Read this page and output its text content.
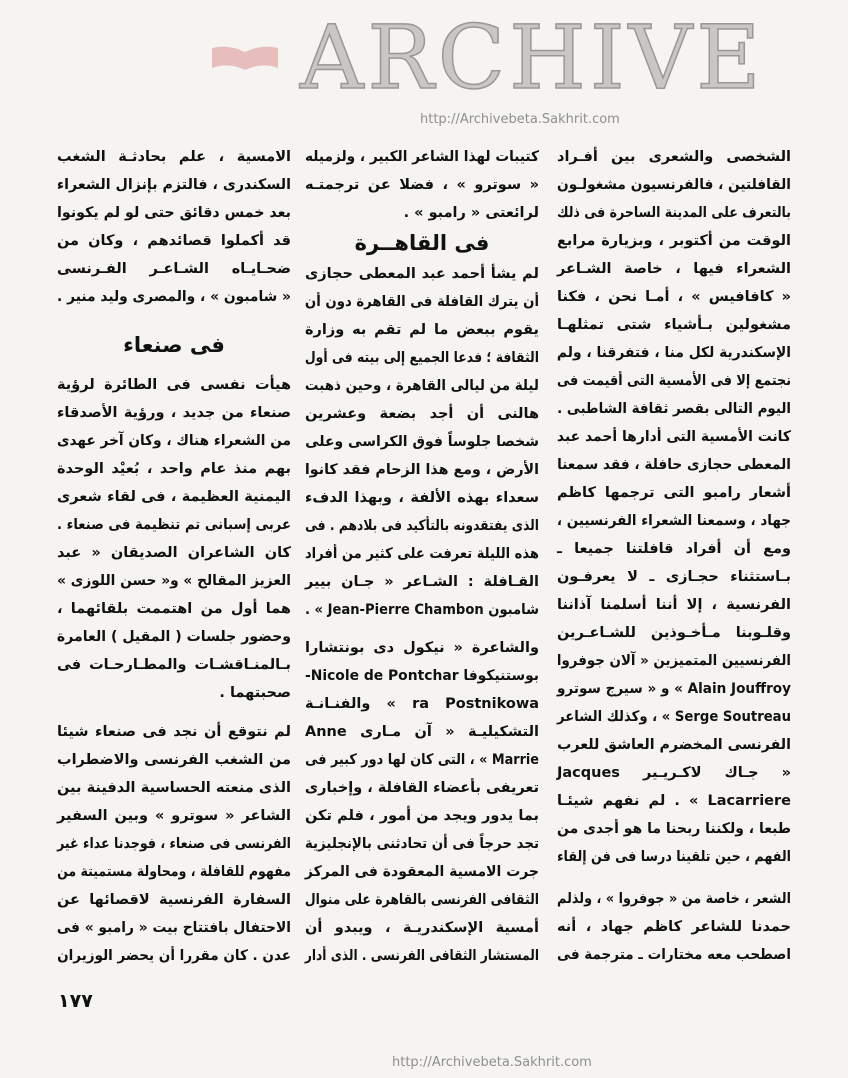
ARCHIVE
http://Archivebeta.Sakhrit.com
http://Archivebeta.Sakhrit.com
الشخصى والشعرى بين أفـراد
القافلتين ، فالفرنسيون مشغولـون
بالتعرف على المدينة الساحرة فى ذلك
الوقت من أكتوبر ، وبزيارة مرابع
الشعراء فيها ، خاصة الشـاعر
« كافافيس » ، أمـا نحن ، فكنا
مشغولين بـأشياء شتى تمثلهـا
الإسكندرية لكل منا ، فتفرقنا ، ولم
نجتمع إلا فى الأمسية التى أقيمت فى
اليوم التالى بقصر ثقافة الشاطبى .
كانت الأمسية التى أدارها أحمد عبد
المعطى حجازى حافلة ، فقد سمعنا
أشعار رامبو التى ترجمها كاظم
جهاد ، وسمعنا الشعراء الفرنسيين ،
ومع أن أفراد قافلتنا جميعا ـ
بـاستثناء حجـازى ـ لا يعرفـون
الفرنسية ، إلا أننا أسلمنا آذاننا
وقلـوبنا مـأخـوذين للشـاعـرين
الفرنسيين المتميزين « آلان جوفروا
Alain Jouffroy » و « سيرج سوترو
Serge Soutreau » ، وكذلك الشاعر
الفرنسى المخضرم العاشق للعرب
« جـاك لاكـريـير Jacques
Lacarriere » . لم نفهم شيئـا
طبعا ، ولكننا ربحنا ما هو أجدى من
الفهم ، حين تلقينا درسا فى فن إلقاء
الشعر ، خاصة من « جوفروا » ، ولذلم
حمدنا للشاعر كاظم جهاد ، أنه
اصطحب معه مختارات ـ مترجمة فى
كتيبات لهذا الشاعر الكبير ، ولزميله
« سوترو » ، فضلا عن ترجمتـه
لرائعتى « رامبو » .
فى القاهــرة
لم يشأ أحمد عبد المعطى حجازى
أن يترك القافلة فى القاهرة دون أن
يقوم ببعض ما لم تقم به وزارة
الثقافة ؛ فدعا الجميع إلى بيته فى أول
ليلة من ليالى القاهرة ، وحين ذهبت
هالنى أن أجد بضعة وعشرين
شخصا جلوساً فوق الكراسى وعلى
الأرض ، ومع هذا الزحام فقد كانوا
سعداء بهذه الألفة ، وبهذا الدفء
الذى يفتقدونه بالتأكيد فى بلادهم . فى
هذه الليلة تعرفت على كثير من أفراد
القـافلة : الشـاعر « جـان بيير
شامبون Jean-Pierre Chambon » .
والشاعرة « نيكول دى بونتشارا
بوستنيكوفا Nicole de Pontchar-
ra Postnikowa » والفنـانـة
التشكيليـة « آن مـارى Anne
Marrie » ، التى كان لها دور كبير فى
تعريفى بأعضاء القافلة ، وإخبارى
بما يدور ويجد من أمور ، فلم تكن
تجد حرجاً فى أن تحادثنى بالإنجليزية
جرت الامسية المعقودة فى المركز
الثقافى الفرنسى بالقاهرة على منوال
أمسية الإسكندريـة ، ويبدو أن
المستشار الثقافى الفرنسى . الذى أدار
الامسية ، علم بحادثـة الشغب
السكندرى ، فالتزم بإنزال الشعراء
بعد خمس دقائق حتى لو لم يكونوا
قد أكملوا قصائدهم ، وكان من
ضحـايـاه الشـاعـر الفـرنسى
« شامبون » ، والمصرى وليد منير .
فى صنعاء
هيأت نفسى فى الطائرة لرؤية
صنعاء من جديد ، ورؤية الأصدقاء
من الشعراء هناك ، وكان آخر عهدى
بهم منذ عام واحد ، بُعيْد الوحدة
اليمنية العظيمة ، فى لقاء شعرى
عربى إسبانى تم تنظيمة فى صنعاء .
كان الشاعران الصديقان « عبد
العزيز المقالح » و« حسن اللوزى »
هما أول من اهتممت بلقائهما ،
وحضور جلسات ( المقيل ) العامرة
بـالمنـاقشـات والمطـارحـات فى
صحبتهما .
لم نتوقع أن نجد فى صنعاء شيئا
من الشغب الفرنسى والاضطراب
الذى منعته الحساسية الدفينة بين
الشاعر « سوترو » وبين السفير
الفرنسى فى صنعاء ، فوجدنا عداء غير
مفهوم للقافلة ، ومحاولة مستميتة من
السفارة الفرنسية لاقصائها عن
الاحتفال بافتتاح بيت « رامبو » فى
عدن . كان مقررا أن يحضر الوزيران
١٧٧
